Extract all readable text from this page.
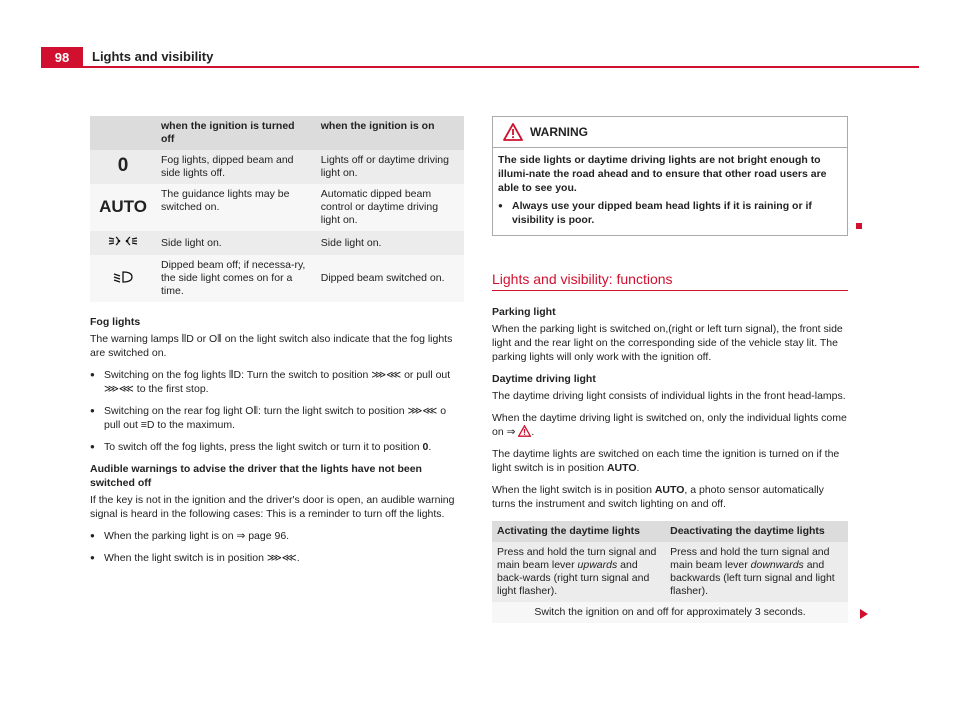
98	Lights and visibility
	when the ignition is turned off	when the ignition is on
0	Fog lights, dipped beam and side lights off.	Lights off or daytime driving light on.
AUTO	The guidance lights may be switched on.	Automatic dipped beam control or daytime driving light on.
	Side light on.	Side light on.
	Dipped beam off; if necessa-ry, the side light comes on for a time.	Dipped beam switched on.

Fog lights

The warning lamps ⦀D or O⦀ on the light switch also indicate that the fog lights are switched on.

● Switching on the fog lights ⦀D: Turn the switch to position ⋙⋘ or pull out ⋙⋘ to the first stop.

● Switching on the rear fog light O⦀: turn the light switch to position ⋙⋘ o pull out ≡D to the maximum.

● To switch off the fog lights, press the light switch or turn it to position 0.

Audible warnings to advise the driver that the lights have not been switched off

If the key is not in the ignition and the driver's door is open, an audible warning signal is heard in the following cases: This is a reminder to turn off the lights.

● When the parking light is on ⇒ page 96.

● When the light switch is in position ⋙⋘.

WARNING

The side lights or daytime driving lights are not bright enough to illumi-nate the road ahead and to ensure that other road users are able to see you.

● Always use your dipped beam head lights if it is raining or if visibility is poor.

Lights and visibility: functions

Parking light

When the parking light is switched on,(right or left turn signal), the front side light and the rear light on the corresponding side of the vehicle stay lit. The parking lights will only work with the ignition off.

Daytime driving light

The daytime driving light consists of individual lights in the front head-lamps.

When the daytime driving light is switched on, only the individual lights come on ⇒ .

The daytime lights are switched on each time the ignition is turned on if the light switch is in position AUTO.

When the light switch is in position AUTO, a photo sensor automatically turns the instrument and switch lighting on and off.

Activating the daytime lights	Deactivating the daytime lights
Press and hold the turn signal and main beam lever upwards and back-wards (right turn signal and light flasher).	Press and hold the turn signal and main beam lever downwards and backwards (left turn signal and light flasher).
Switch the ignition on and off for approximately 3 seconds.	
